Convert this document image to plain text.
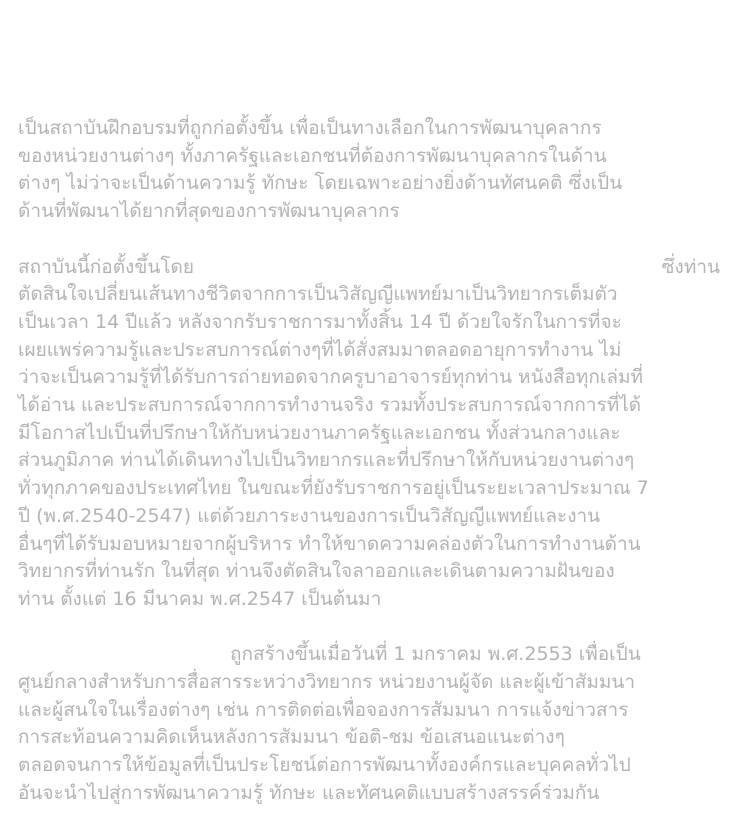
เป็นสถาบันฝึกอบรมที่ถูกก่อตั้งขึ้น เพื่อเป็นทางเลือกในการพัฒนาบุคลากร

ของหน่วยงานต่างๆ ทั้งภาครัฐและเอกชนที่ต้องการพัฒนาบุคลากรในด้าน

ต่างๆ ไม่ว่าจะเป็นด้านความรู้ ทักษะ โดยเฉพาะอย่างยิ่งด้านทัศนคติ ซึ่งเป็น

ด้านที่พัฒนาได้ยากที่สุดของการพัฒนาบุคลากร

สถาบันนี้ก่อตั้งขึ้นโดย	ซึ่งท่าน

ตัดสินใจเปลี่ยนเส้นทางชีวิตจากการเป็นวิสัญญีแพทย์มาเป็นวิทยากรเต็มตัว

เป็นเวลา 14 ปีแล้ว หลังจากรับราชการมาทั้งสิ้น 14 ปี ด้วยใจรักในการที่จะ

เผยแพร่ความรู้และประสบการณ์ต่างๆที่ได้สั่งสมมาตลอดอายุการทำงาน ไม่

ว่าจะเป็นความรู้ที่ได้รับการถ่ายทอดจากครูบาอาจารย์ทุกท่าน หนังสือทุกเล่มที่

ได้อ่าน และประสบการณ์จากการทำงานจริง รวมทั้งประสบการณ์จากการที่ได้

มีโอกาสไปเป็นที่ปรึกษาให้กับหน่วยงานภาครัฐและเอกชน ทั้งส่วนกลางและ

ส่วนภูมิภาค ท่านได้เดินทางไปเป็นวิทยากรและที่ปรึกษาให้กับหน่วยงานต่างๆ

ทั่วทุกภาคของประเทศไทย ในขณะที่ยังรับราชการอยู่เป็นระยะเวลาประมาณ 7

ปี (พ.ศ.2540-2547) แต่ด้วยภาระงานของการเป็นวิสัญญีแพทย์และงาน

อื่นๆที่ได้รับมอบหมายจากผู้บริหาร ทำให้ขาดความคล่องตัวในการทำงานด้าน

วิทยากรที่ท่านรัก ในที่สุด ท่านจึงตัดสินใจลาออกและเดินตามความฝันของ

ท่าน ตั้งแต่ 16 มีนาคม พ.ศ.2547 เป็นต้นมา

ถูกสร้างขึ้นเมื่อวันที่ 1 มกราคม พ.ศ.2553 เพื่อเป็น

ศูนย์กลางสำหรับการสื่อสารระหว่างวิทยากร หน่วยงานผู้จัด และผู้เข้าสัมมนา

และผู้สนใจในเรื่องต่างๆ เช่น การติดต่อเพื่อจองการสัมมนา การแจ้งข่าวสาร

การสะท้อนความคิดเห็นหลังการสัมมนา ข้อติ-ชม ข้อเสนอแนะต่างๆ

ตลอดจนการให้ข้อมูลที่เป็นประโยชน์ต่อการพัฒนาทั้งองค์กรและบุคคลทั่วไป

อันจะนำไปสู่การพัฒนาความรู้ ทักษะ และทัศนคติแบบสร้างสรรค์ร่วมกัน
